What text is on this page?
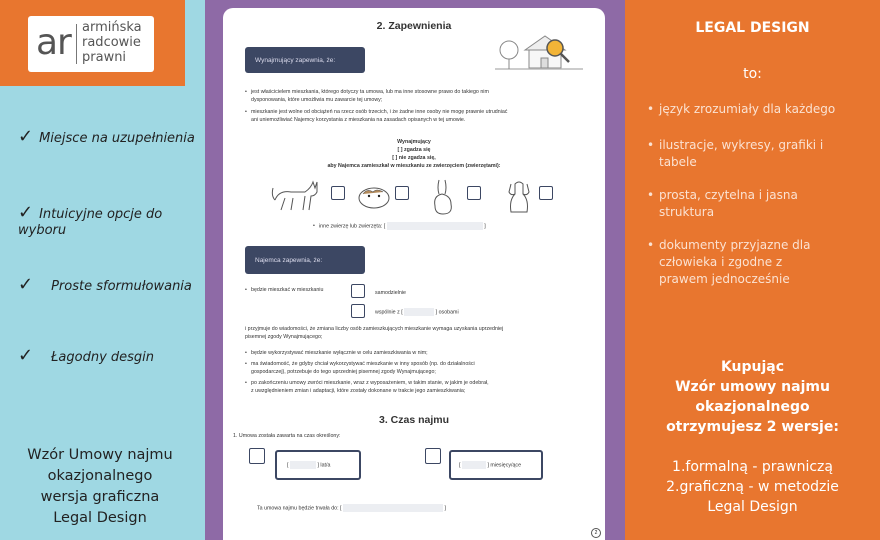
ar armińska
radcowie
prawni
✓ Miejsce na uzupełnienia
✓ Intuicyjne opcje do wyboru
✓ Proste sformułowania
✓ Łagodny desgin
Wzór Umowy najmu
okazjonalnego
wersja graficzna
Legal Design
2. Zapewnienia
Wynajmujący zapewnia, że:
• jest właścicielem mieszkania, którego dotyczy ta umowa, lub ma inne stosowne prawo do takiego nim
dysponowania, które umożliwia mu zawarcie tej umowy;
• mieszkanie jest wolne od obciążeń na rzecz osób trzecich, i że żadne inne osoby nie mogę prawnie utrudniać
ani uniemożliwiać Najemcy korzystania z mieszkania na zasadach opisanych w tej umowie.
Wynajmujący
[ ] zgadza się
[ ] nie zgadza się,
aby Najemca zamieszkał w mieszkaniu ze zwierzęciem (zwierzętami):
• inne zwierzę lub zwierzęta: [	]
Najemca zapewnia, że:
• będzie mieszkać w mieszkaniu	samodzielnie
wspólnie z [	] osobami
i przyjmuje do wiadomości, że zmiana liczby osób zamieszkujących mieszkanie wymaga uzyskania uprzedniej
pisemnej zgody Wynajmującego;
• będzie wykorzystywać mieszkanie wyłącznie w celu zamieszkiwania w nim;
• ma świadomość, że gdyby chciał wykorzystywać mieszkanie w inny sposób (np. do działalności
gospodarczej), potrzebuje do tego uprzedniej pisemnej zgody Wynajmującego;
• po zakończeniu umowy zwróci mieszkanie, wraz z wyposażeniem, w takim stanie, w jakim je odebrał,
z uwzględnieniem zmian i adaptacji, które zostały dokonane w trakcie jego zamieszkiwania;
3. Czas najmu
1. Umowa została zawarta na czas określony:
[	] lat/a	[	] miesięcy/ące
Ta umowa najmu będzie trwała do: [	]
2
LEGAL DESIGN
to:
• język zrozumiały dla każdego
• ilustracje, wykresy, grafiki i
tabele
• prosta, czytelna i jasna
struktura
• dokumenty przyjazne dla
człowieka i zgodne z
prawem jednocześnie
Kupując
Wzór umowy najmu
okazjonalnego
otrzymujesz 2 wersje:
1.formalną - prawniczą
2.graficzną - w metodzie
Legal Design
